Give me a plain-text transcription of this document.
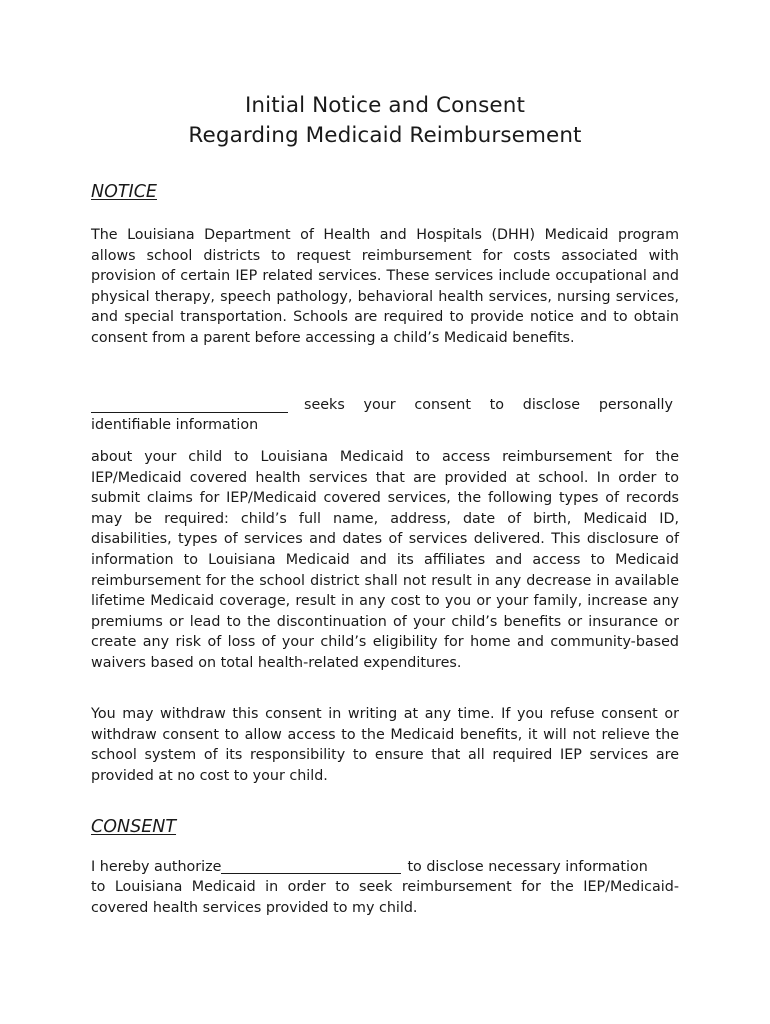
Initial Notice and Consent
Regarding Medicaid Reimbursement
NOTICE
The Louisiana Department of Health and Hospitals (DHH) Medicaid program allows school districts to request reimbursement for costs associated with provision of certain IEP related services. These services include occupational and physical therapy, speech pathology, behavioral health services, nursing services, and special transportation. Schools are required to provide notice and to obtain consent from a parent before accessing a child’s Medicaid benefits.
seeks your consent to disclose personally
identifiable information
about your child to Louisiana Medicaid to access reimbursement for the IEP/Medicaid covered health services that are provided at school. In order to submit claims for IEP/Medicaid covered services, the following types of records may be required: child’s full name, address, date of birth, Medicaid ID, disabilities, types of services and dates of services delivered. This disclosure of information to Louisiana Medicaid and its affiliates and access to Medicaid reimbursement for the school district shall not result in any decrease in available lifetime Medicaid coverage, result in any cost to you or your family, increase any premiums or lead to the discontinuation of your child’s benefits or insurance or create any risk of loss of your child’s eligibility for home and community-based waivers based on total health-related expenditures.
You may withdraw this consent in writing at any time. If you refuse consent or withdraw consent to allow access to the Medicaid benefits, it will not relieve the school system of its responsibility to ensure that all required IEP services are provided at no cost to your child.
CONSENT
I hereby authorize	to disclose necessary information
to Louisiana Medicaid in order to seek reimbursement for the IEP/Medicaid-covered health services provided to my child.
